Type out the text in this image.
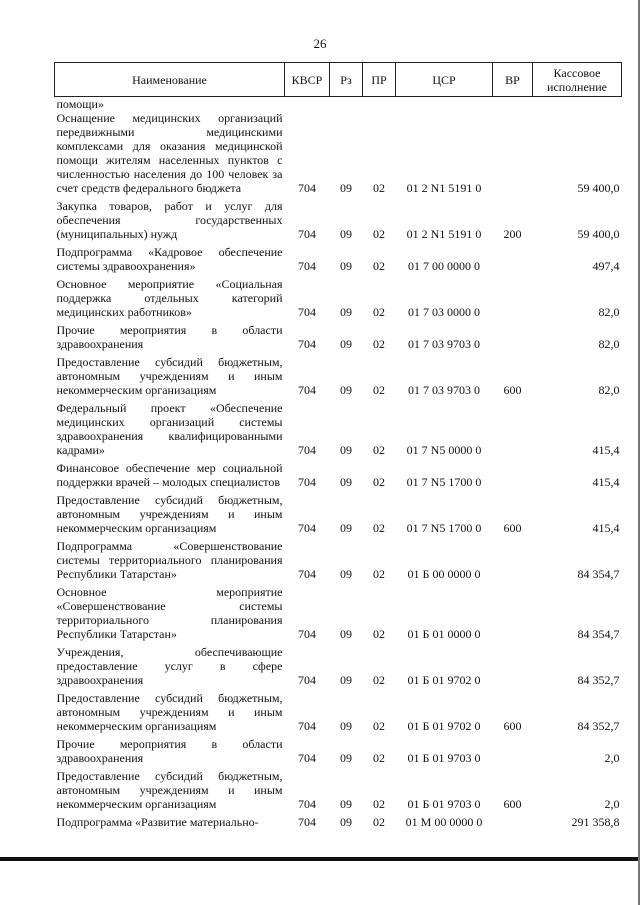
26
Наименование	КВСР	Рз	ПР	ЦСР	ВР	Кассовое исполнение
помощи»						
Оснащение медицинских организаций передвижными медицинскими комплексами для оказания медицинской помощи жителям населенных пунктов с численностью населения до 100 человек за счет средств федерального бюджета	704	09	02	01 2 N1 5191 0		59 400,0
Закупка товаров, работ и услуг для обеспечения государственных (муниципальных) нужд	704	09	02	01 2 N1 5191 0	200	59 400,0
Подпрограмма «Кадровое обеспечение системы здравоохранения»	704	09	02	01 7 00 0000 0		497,4
Основное мероприятие «Социальная поддержка отдельных категорий медицинских работников»	704	09	02	01 7 03 0000 0		82,0
Прочие мероприятия в области здравоохранения	704	09	02	01 7 03 9703 0		82,0
Предоставление субсидий бюджетным, автономным учреждениям и иным некоммерческим организациям	704	09	02	01 7 03 9703 0	600	82,0
Федеральный проект «Обеспечение медицинских организаций системы здравоохранения квалифицированными кадрами»	704	09	02	01 7 N5 0000 0		415,4
Финансовое обеспечение мер социальной поддержки врачей – молодых специалистов	704	09	02	01 7 N5 1700 0		415,4
Предоставление субсидий бюджетным, автономным учреждениям и иным некоммерческим организациям	704	09	02	01 7 N5 1700 0	600	415,4
Подпрограмма «Совершенствование системы территориального планирования Республики Татарстан»	704	09	02	01 Б 00 0000 0		84 354,7
Основное мероприятие «Совершенствование системы территориального планирования Республики Татарстан»	704	09	02	01 Б 01 0000 0		84 354,7
Учреждения, обеспечивающие предоставление услуг в сфере здравоохранения	704	09	02	01 Б 01 9702 0		84 352,7
Предоставление субсидий бюджетным, автономным учреждениям и иным некоммерческим организациям	704	09	02	01 Б 01 9702 0	600	84 352,7
Прочие мероприятия в области здравоохранения	704	09	02	01 Б 01 9703 0		2,0
Предоставление субсидий бюджетным, автономным учреждениям и иным некоммерческим организациям	704	09	02	01 Б 01 9703 0	600	2,0
Подпрограмма «Развитие материально-	704	09	02	01 М 00 0000 0		291 358,8
